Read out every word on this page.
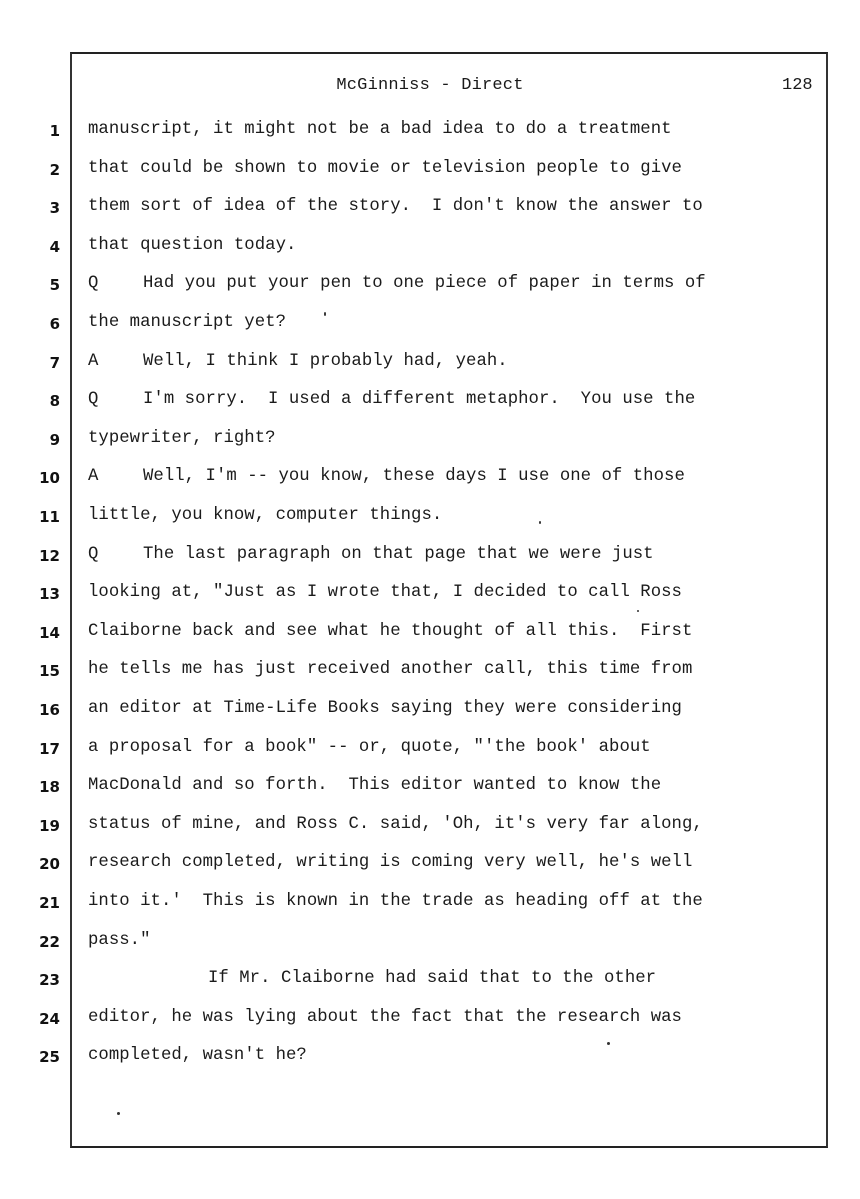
McGinniss - Direct	128
1 manuscript, it might not be a bad idea to do a treatment
2 that could be shown to movie or television people to give
3 them sort of idea of the story.  I don't know the answer to
4 that question today.
5 Q	Had you put your pen to one piece of paper in terms of
6 the manuscript yet?
7 A	Well, I think I probably had, yeah.
8 Q	I'm sorry.  I used a different metaphor.  You use the
9 typewriter, right?
10 A	Well, I'm -- you know, these days I use one of those
11 little, you know, computer things.
12 Q	The last paragraph on that page that we were just
13 looking at, "Just as I wrote that, I decided to call Ross
14 Claiborne back and see what he thought of all this.  First
15 he tells me has just received another call, this time from
16 an editor at Time-Life Books saying they were considering
17 a proposal for a book" -- or, quote, "'the book' about
18 MacDonald and so forth.  This editor wanted to know the
19 status of mine, and Ross C. said, 'Oh, it's very far along,
20 research completed, writing is coming very well, he's well
21 into it.'  This is known in the trade as heading off at the
22 pass."
23	If Mr. Claiborne had said that to the other
24 editor, he was lying about the fact that the research was
25 completed, wasn't he?
